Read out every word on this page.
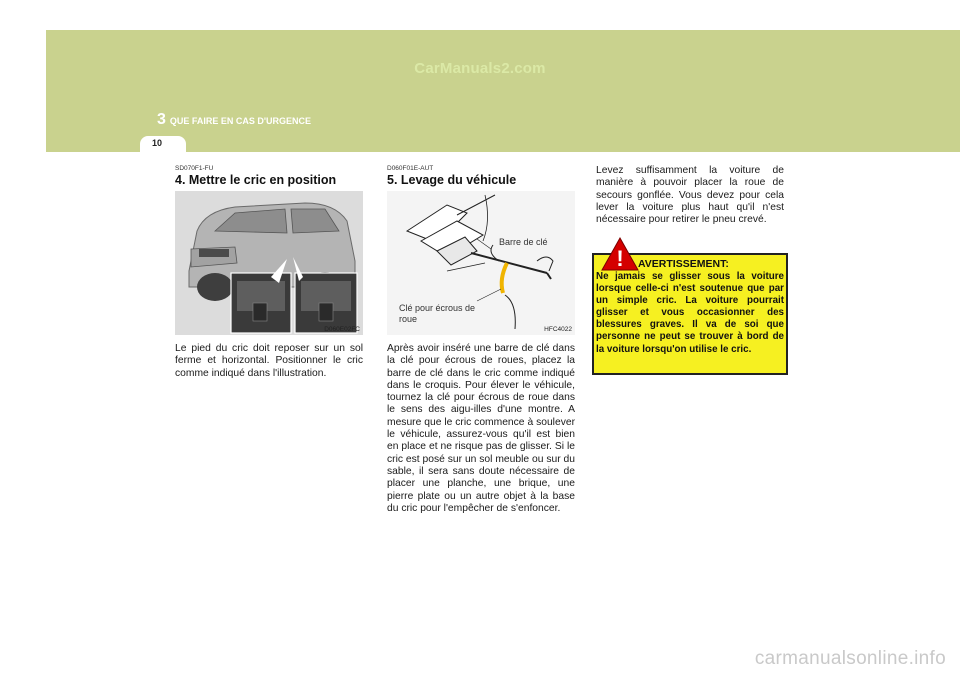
CarManuals2.com
3 QUE FAIRE EN CAS D'URGENCE
10
SD070F1-FU
4. Mettre le cric en position
D060E02FC
Le pied du cric doit reposer sur un sol ferme et horizontal. Positionner le cric comme indiqué dans l'illustration.
D060F01E-AUT
5. Levage du véhicule
Barre de clé
Clé pour écrous de roue
HFC4022
Après avoir inséré une barre de clé dans la clé pour écrous de roues, placez la barre de clé dans le cric comme indiqué dans le croquis. Pour élever le véhicule, tournez la clé pour écrous de roue dans le sens des aigu-illes d'une montre. A mesure que le cric commence à soulever le véhicule, assurez-vous qu'il est bien en place et ne risque pas de glisser. Si le cric est posé sur un sol meuble ou sur du sable, il sera sans doute nécessaire de placer une planche, une brique, une pierre plate ou un autre objet à la base du cric pour l'empêcher de s'enfoncer.
Levez suffisamment la voiture de manière à pouvoir placer la roue de secours gonflée. Vous devez pour cela lever la voiture plus haut qu'il n'est nécessaire pour retirer le pneu crevé.
! AVERTISSEMENT:
Ne jamais se glisser sous la voiture lorsque celle-ci n'est soutenue que par un simple cric. La voiture pourrait glisser et vous occasionner des blessures graves. Il va de soi que personne ne peut se trouver à bord de la voiture lorsqu'on utilise le cric.
carmanualsonline.info
